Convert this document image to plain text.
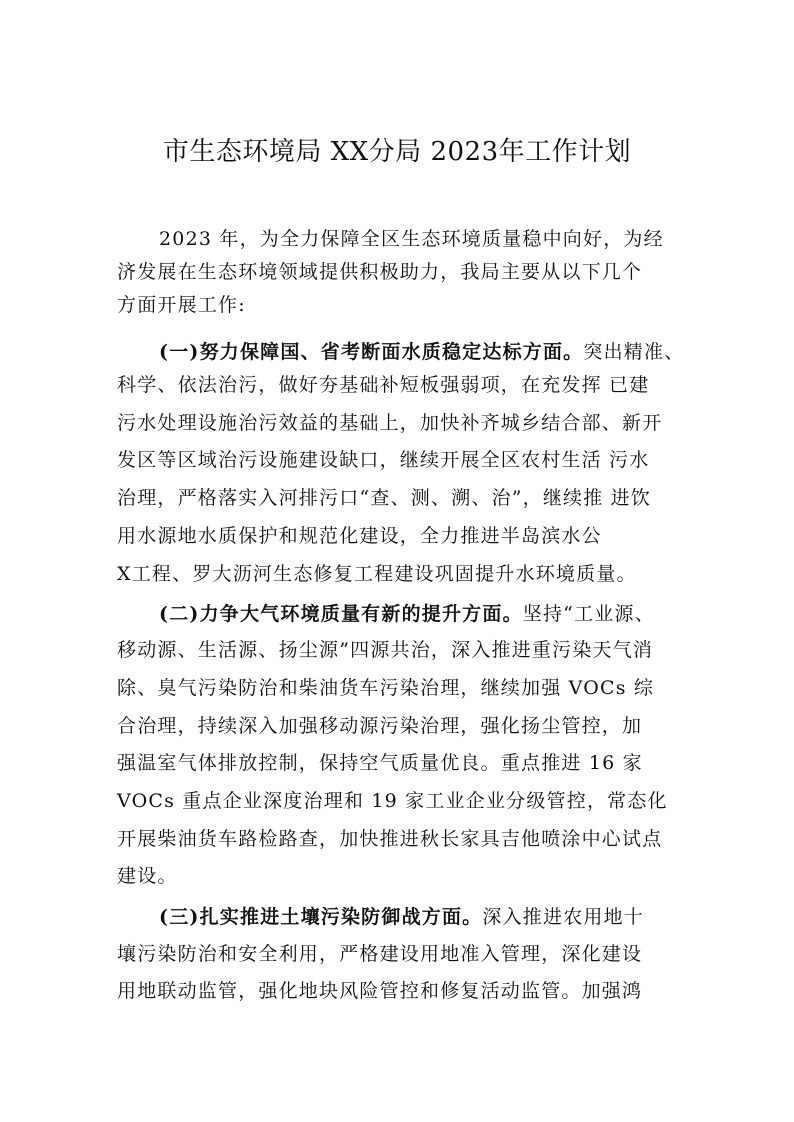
市生态环境局 XX分局 2023年工作计划
2023 年，为全力保障全区生态环境质量稳中向好，为经
济发展在生态环境领域提供积极助力，我局主要从以下几个
方面开展工作:
(一)努力保障国、省考断面水质稳定达标方面。突出精准、
科学、依法治污，做好夯基础补短板强弱项，在充发挥 已建
污水处理设施治污效益的基础上，加快补齐城乡结合部、新开
发区等区域治污设施建设缺口，继续开展全区农村生活 污水
治理，严格落实入河排污口“查、测、溯、治”，继续推 进饮
用水源地水质保护和规范化建设，全力推进半岛滨水公
X工程、罗大沥河生态修复工程建设巩固提升水环境质量。
(二)力争大气环境质量有新的提升方面。坚持“工业源、
移动源、生活源、扬尘源”四源共治，深入推进重污染天气消
除、臭气污染防治和柴油货车污染治理，继续加强 VOCs 综
合治理，持续深入加强移动源污染治理，强化扬尘管控，加
强温室气体排放控制，保持空气质量优良。重点推进 16 家
VOCs 重点企业深度治理和 19 家工业企业分级管控，常态化
开展柴油货车路检路查，加快推进秋长家具吉他喷涂中心试点
建设。
(三)扎实推进土壤污染防御战方面。深入推进农用地十
壤污染防治和安全利用，严格建设用地准入管理，深化建设
用地联动监管，强化地块风险管控和修复活动监管。加强鸿
